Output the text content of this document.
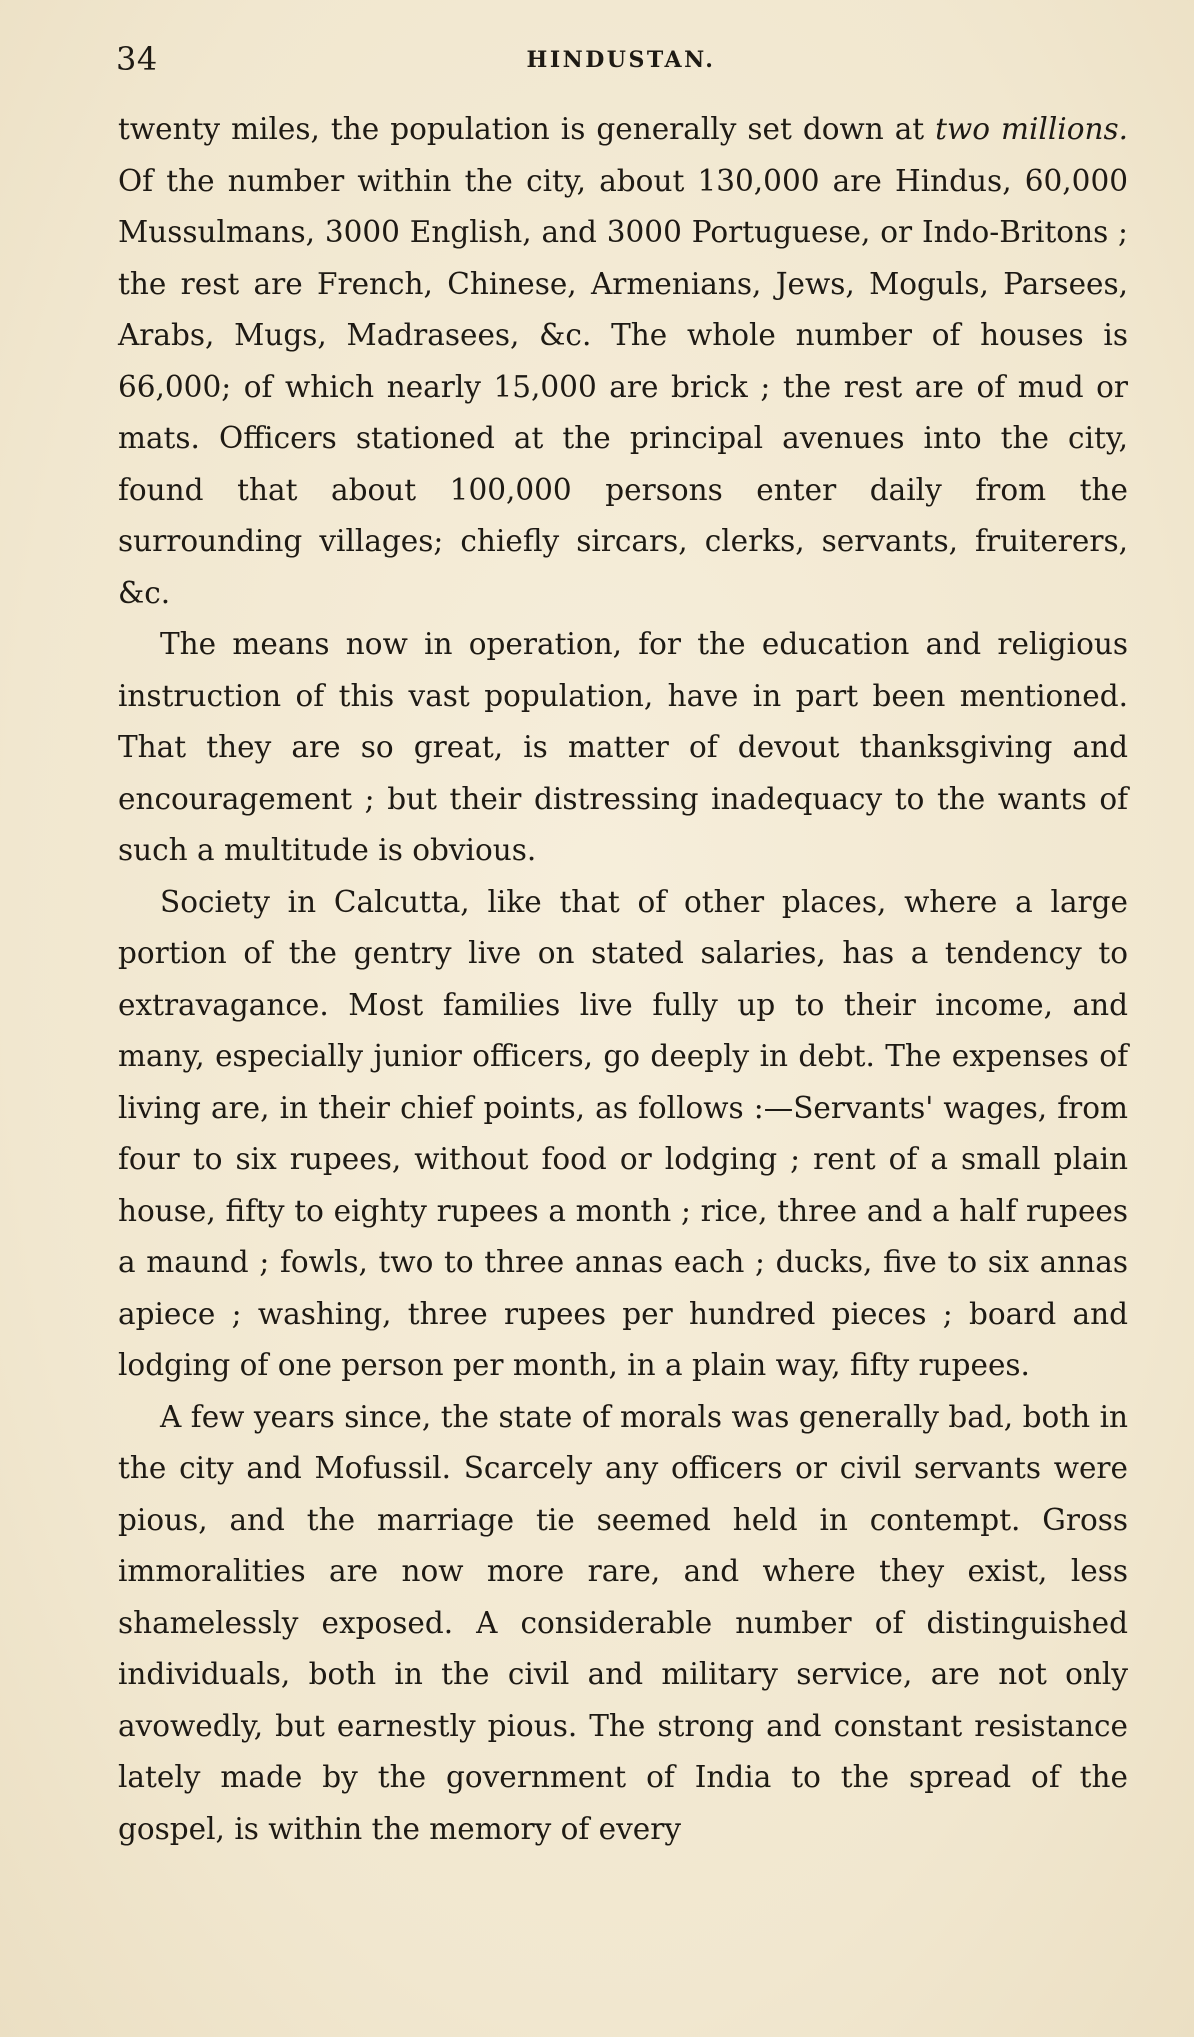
34	HINDUSTAN.

twenty miles, the population is generally set down at two millions. Of the number within the city, about 130,000 are Hindus, 60,000 Mussulmans, 3000 English, and 3000 Portuguese, or Indo-Britons ; the rest are French, Chinese, Armenians, Jews, Moguls, Parsees, Arabs, Mugs, Madrasees, &c. The whole number of houses is 66,000; of which nearly 15,000 are brick ; the rest are of mud or mats. Officers stationed at the principal avenues into the city, found that about 100,000 persons enter daily from the surrounding villages; chiefly sircars, clerks, servants, fruiterers, &c.

The means now in operation, for the education and religious instruction of this vast population, have in part been mentioned. That they are so great, is matter of devout thanksgiving and encouragement ; but their distressing inadequacy to the wants of such a multitude is obvious.

Society in Calcutta, like that of other places, where a large portion of the gentry live on stated salaries, has a tendency to extravagance. Most families live fully up to their income, and many, especially junior officers, go deeply in debt. The expenses of living are, in their chief points, as follows :—Servants' wages, from four to six rupees, without food or lodging ; rent of a small plain house, fifty to eighty rupees a month ; rice, three and a half rupees a maund ; fowls, two to three annas each ; ducks, five to six annas apiece ; washing, three rupees per hundred pieces ; board and lodging of one person per month, in a plain way, fifty rupees.

A few years since, the state of morals was generally bad, both in the city and Mofussil. Scarcely any officers or civil servants were pious, and the marriage tie seemed held in contempt. Gross immoralities are now more rare, and where they exist, less shamelessly exposed. A considerable number of distinguished individuals, both in the civil and military service, are not only avowedly, but earnestly pious. The strong and constant resistance lately made by the government of India to the spread of the gospel, is within the memory of every
